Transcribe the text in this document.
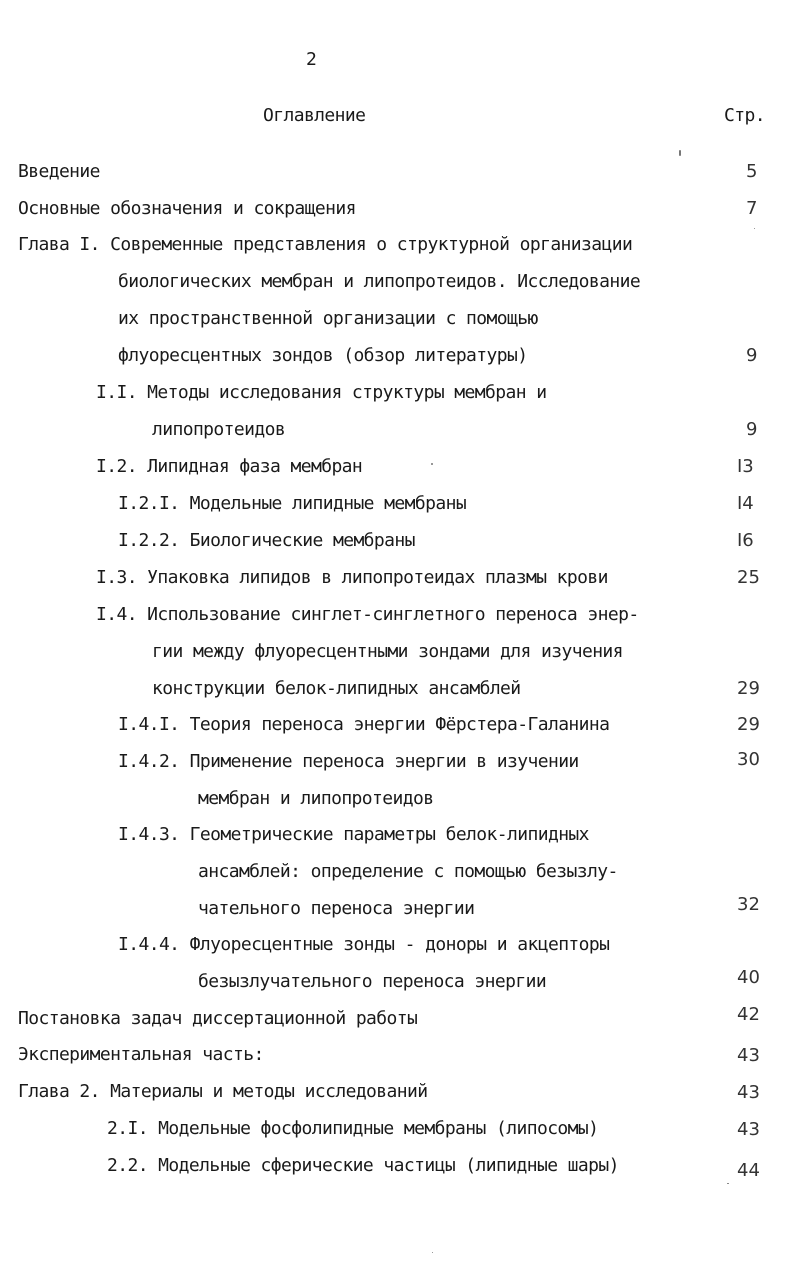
2
Оглавление	Стр.
Введение	5
Основные обозначения и сокращения	7
Глава I. Современные представления о структурной организации
биологических мембран и липопротеидов. Исследование
их пространственной организации с помощью
флуоресцентных зондов (обзор литературы)	9
I.I. Методы исследования структуры мембран и
липопротеидов	9
I.2. Липидная фаза мембран	I3
I.2.I. Модельные липидные мембраны	I4
I.2.2. Биологические мембраны	I6
I.3. Упаковка липидов в липопротеидах плазмы крови	25
I.4. Использование синглет-синглетного переноса энер-
гии между флуоресцентными зондами для изучения
конструкции белок-липидных ансамблей	29
I.4.I. Теория переноса энергии Фёрстера-Галанина	29
I.4.2. Применение переноса энергии в изучении	30
мембран и липопротеидов
I.4.3. Геометрические параметры белок-липидных
ансамблей: определение с помощью безызлу-
чательного переноса энергии	32
I.4.4. Флуоресцентные зонды - доноры и акцепторы
безызлучательного переноса энергии	40
Постановка задач диссертационной работы	42
Экспериментальная часть:	43
Глава 2. Материалы и методы исследований	43
2.I. Модельные фосфолипидные мембраны (липосомы)	43
2.2. Модельные сферические частицы (липидные шары)	44
